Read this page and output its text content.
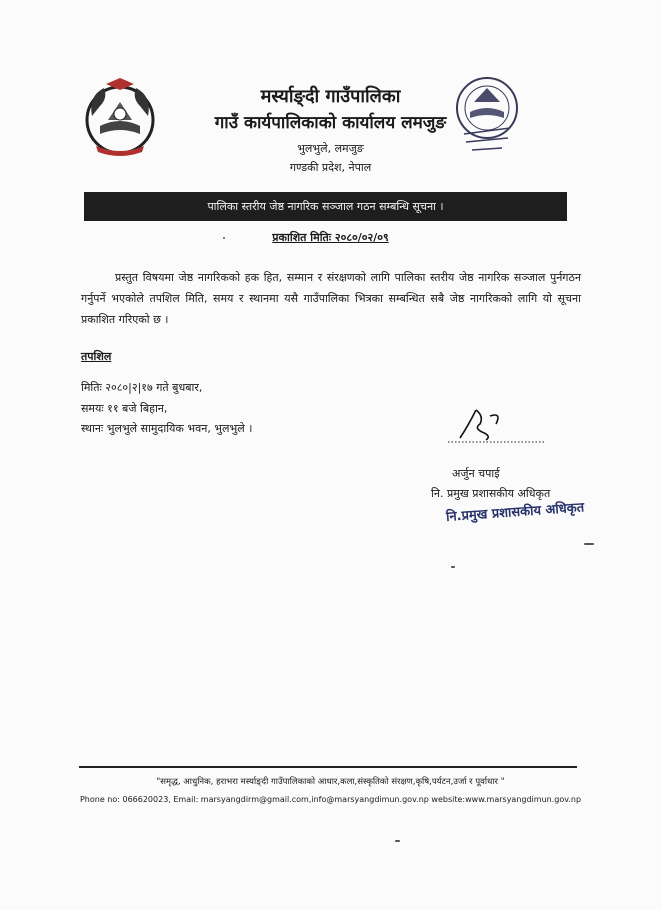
मर्स्याङ्दी गाउँपालिका
गाउँ कार्यपालिकाको कार्यालय लमजुङ
भुलभुले, लमजुङ
गण्डकी प्रदेश, नेपाल
पालिका स्तरीय जेष्ठ नागरिक सञ्जाल गठन सम्बन्धि सूचना ।
प्रकाशित मितिः २०८०/०२/०९
प्रस्तुत विषयमा जेष्ठ नागरिकको हक हित, सम्मान र संरक्षणको लागि पालिका स्तरीय जेष्ठ नागरिक सञ्जाल पुर्नगठन गर्नुपर्ने भएकोले तपशिल मिति, समय र स्थानमा यसै गाउँपालिका भित्रका सम्बन्धित सबै जेष्ठ नागरिकको लागि यो सूचना प्रकाशित गरिएको छ ।
तपशिल
मितिः २०८०|२|१७ गते बुधबार,
समयः ११ बजे बिहान,
स्थानः भुलभुले सामुदायिक भवन, भुलभुले ।
अर्जुन चपाई
नि. प्रमुख प्रशासकीय अधिकृत
नि.प्रमुख प्रशासकीय अधिकृत
"समृद्ध, आधुनिक, हराभरा मर्स्याङ्दी गाउँपालिकाको आधार,कला,संस्कृतिको संरक्षण,कृषि,पर्यटन,उर्जा र पूर्वाधार "
Phone no: 066620023, Email: marsyangdirm@gmail.com,info@marsyangdimun.gov.np website:www.marsyangdimun.gov.np
